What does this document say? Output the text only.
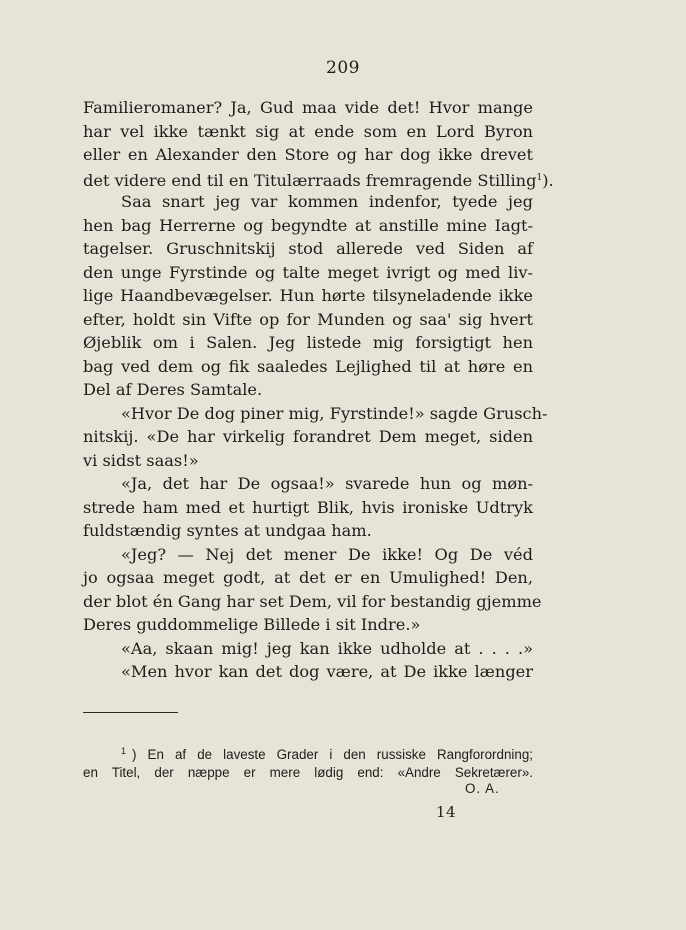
209
Familieromaner? Ja, Gud maa vide det! Hvor mange
har vel ikke tænkt sig at ende som en Lord Byron
eller en Alexander den Store og har dog ikke drevet
det videre end til en Titulærraads fremragende Stilling$^1$).
Saa snart jeg var kommen indenfor, tyede jeg
hen bag Herrerne og begyndte at anstille mine Iagt-
tagelser. Gruschnitskij stod allerede ved Siden af
den unge Fyrstinde og talte meget ivrigt og med liv-
lige Haandbevægelser. Hun hørte tilsyneladende ikke
efter, holdt sin Vifte op for Munden og saa' sig hvert
Øjeblik om i Salen. Jeg listede mig forsigtigt hen
bag ved dem og fik saaledes Lejlighed til at høre en
Del af Deres Samtale.
«Hvor De dog piner mig, Fyrstinde!» sagde Grusch-
nitskij. «De har virkelig forandret Dem meget, siden
vi sidst saas!»
«Ja, det har De ogsaa!» svarede hun og møn-
strede ham med et hurtigt Blik, hvis ironiske Udtryk
fuldstændig syntes at undgaa ham.
«Jeg? — Nej det mener De ikke! Og De véd
jo ogsaa meget godt, at det er en Umulighed! Den,
der blot én Gang har set Dem, vil for bestandig gjemme
Deres guddommelige Billede i sit Indre.»
«Aa, skaan mig! jeg kan ikke udholde at . . . .»
«Men hvor kan det dog være, at De ikke længer
$^1$ ) En af de laveste Grader i den russiske Rangforordning;
en Titel, der næppe er mere lødig end: «Andre Sekretærer».
O. A.
14
